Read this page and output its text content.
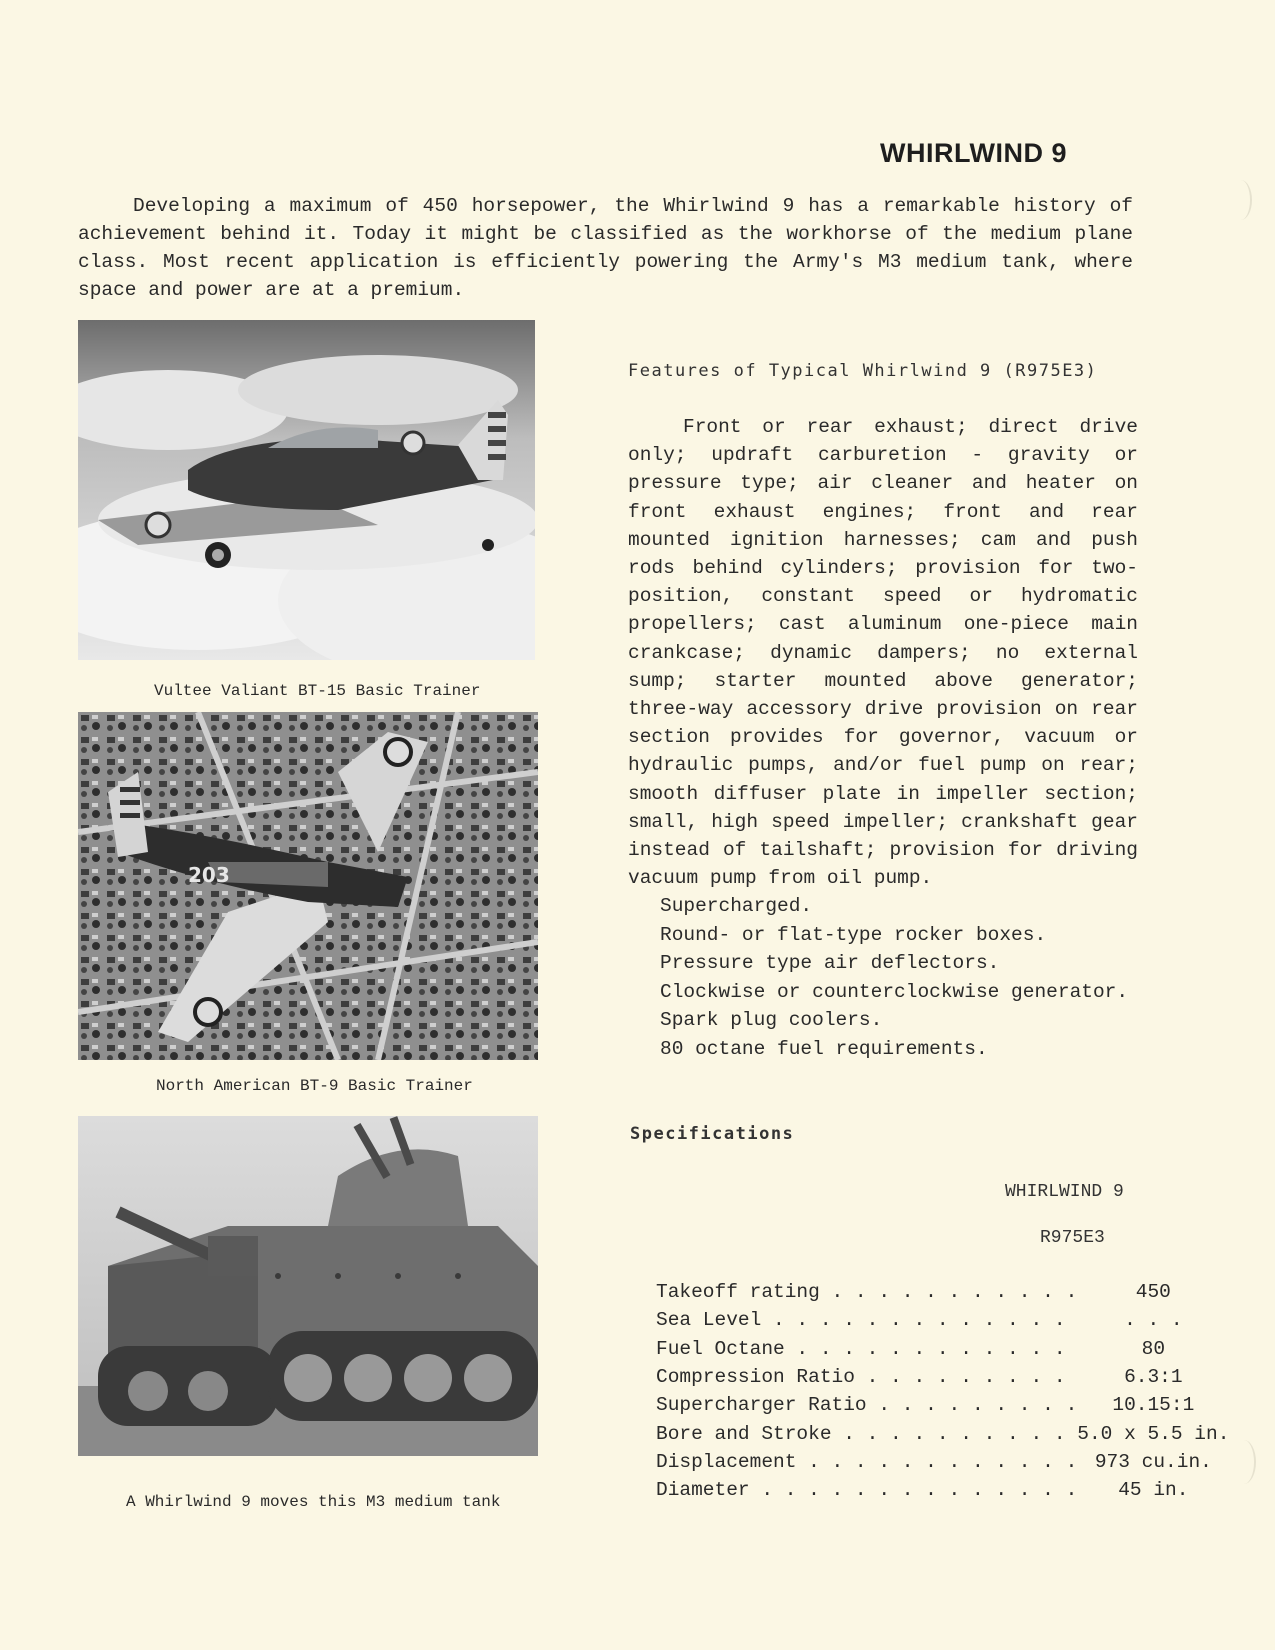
WHIRLWIND 9

Developing a maximum of 450 horsepower, the Whirlwind 9 has a remarkable history of achievement behind it. Today it might be classified as the workhorse of the medium plane class. Most recent application is efficiently powering the Army's M3 medium tank, where space and power are at a premium.

Vultee Valiant BT-15 Basic Trainer
203
North American BT-9 Basic Trainer
A Whirlwind 9 moves this M3 medium tank
Features of Typical Whirlwind 9 (R975E3)

Front or rear exhaust; direct drive only; updraft carburetion - gravity or pressure type; air cleaner and heater on front exhaust engines; front and rear mounted ignition harnesses; cam and push rods behind cylinders; provision for two-position, constant speed or hydromatic propellers; cast aluminum one-piece main crankcase; dynamic dampers; no external sump; starter mounted above generator; three-way accessory drive provision on rear section provides for governor, vacuum or hydraulic pumps, and/or fuel pump on rear; smooth diffuser plate in impeller section; small, high speed impeller; crankshaft gear instead of tailshaft; provision for driving vacuum pump from oil pump.

Supercharged.
Round- or flat-type rocker boxes.
Pressure type air deflectors.
Clockwise or counterclockwise generator.
Spark plug coolers.
80 octane fuel requirements.
Specifications
WHIRLWIND 9
R975E3
Takeoff rating . . . . . . . . . . .	450
Sea Level . . . . . . . . . . . . .	. . .
Fuel Octane . . . . . . . . . . . .	80
Compression Ratio . . . . . . . . .	6.3:1
Supercharger Ratio . . . . . . . . .	10.15:1
Bore and Stroke . . . . . . . . . .	5.0 x 5.5 in.
Displacement . . . . . . . . . . . .	973 cu.in.
Diameter . . . . . . . . . . . . . .	45 in.
